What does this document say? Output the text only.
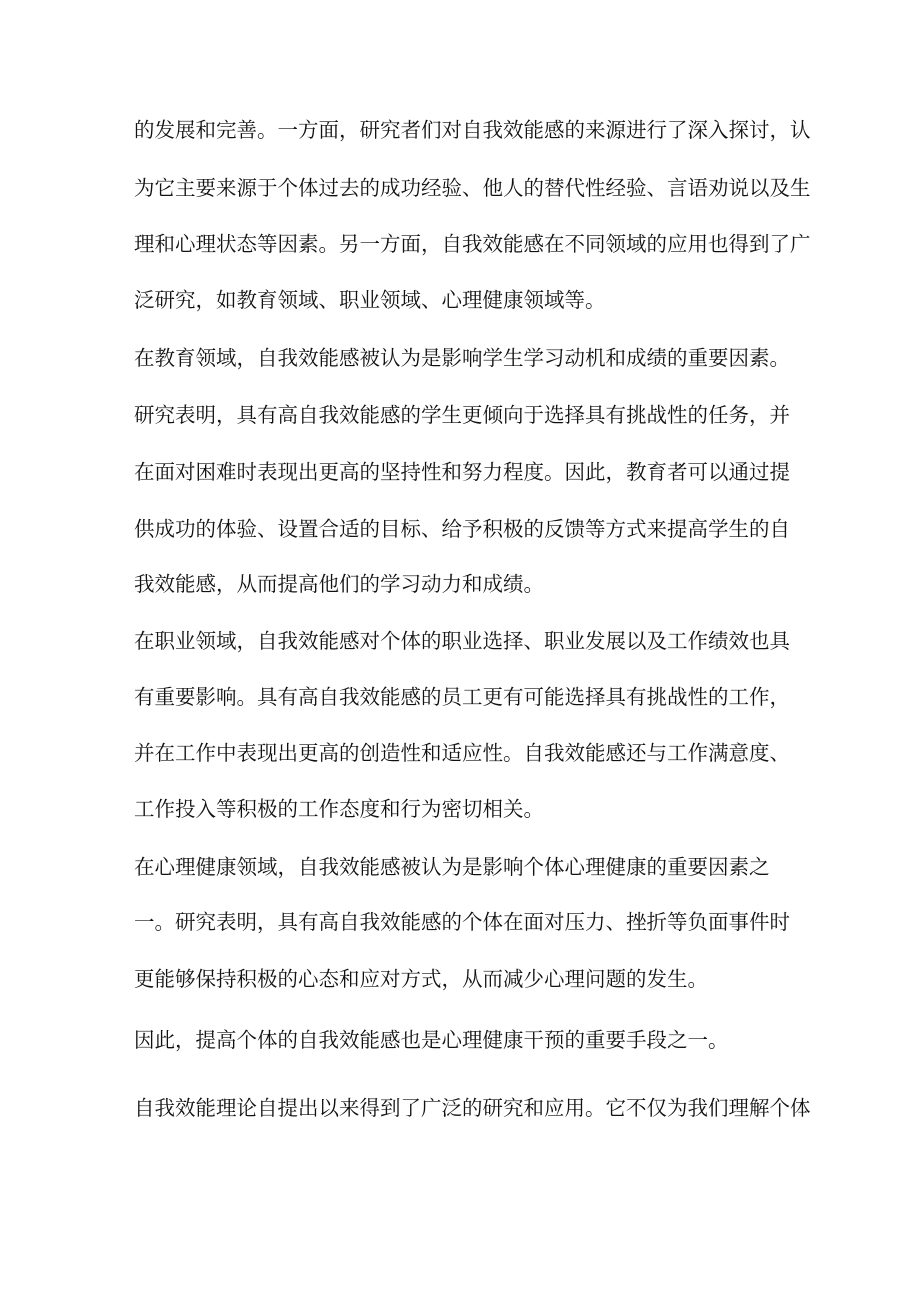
的发展和完善。一方面，研究者们对自我效能感的来源进行了深入探讨，认
为它主要来源于个体过去的成功经验、他人的替代性经验、言语劝说以及生
理和心理状态等因素。另一方面，自我效能感在不同领域的应用也得到了广
泛研究，如教育领域、职业领域、心理健康领域等。
在教育领域，自我效能感被认为是影响学生学习动机和成绩的重要因素。
研究表明，具有高自我效能感的学生更倾向于选择具有挑战性的任务，并
在面对困难时表现出更高的坚持性和努力程度。因此，教育者可以通过提
供成功的体验、设置合适的目标、给予积极的反馈等方式来提高学生的自
我效能感，从而提高他们的学习动力和成绩。
在职业领域，自我效能感对个体的职业选择、职业发展以及工作绩效也具
有重要影响。具有高自我效能感的员工更有可能选择具有挑战性的工作，
并在工作中表现出更高的创造性和适应性。自我效能感还与工作满意度、
工作投入等积极的工作态度和行为密切相关。
在心理健康领域，自我效能感被认为是影响个体心理健康的重要因素之
一。研究表明，具有高自我效能感的个体在面对压力、挫折等负面事件时
更能够保持积极的心态和应对方式，从而减少心理问题的发生。
因此，提高个体的自我效能感也是心理健康干预的重要手段之一。
自我效能理论自提出以来得到了广泛的研究和应用。它不仅为我们理解个体
